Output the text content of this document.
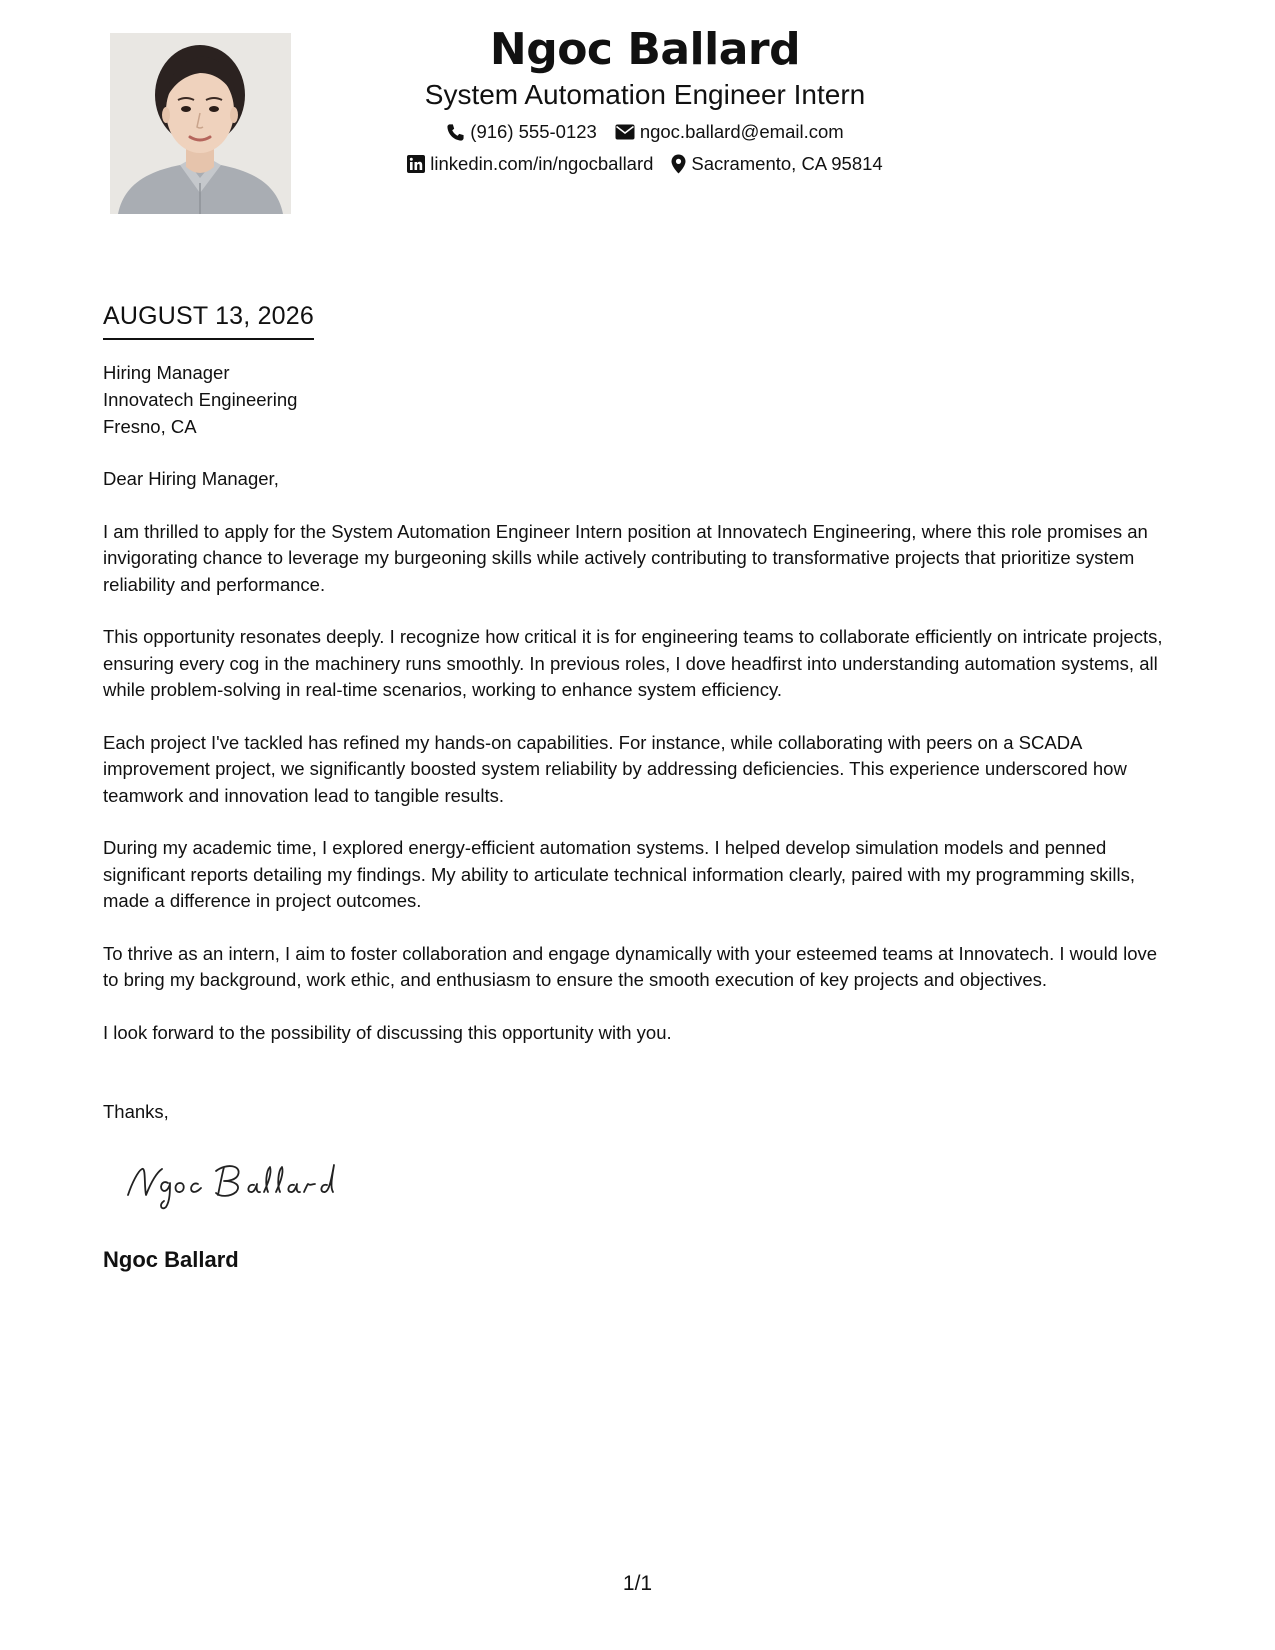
Ngoc Ballard
System Automation Engineer Intern
(916) 555-0123 ngoc.ballard@email.com
linkedin.com/in/ngocballard Sacramento, CA 95814
AUGUST 13, 2026
Hiring Manager
Innovatech Engineering
Fresno, CA

Dear Hiring Manager,

I am thrilled to apply for the System Automation Engineer Intern position at Innovatech Engineering, where this role promises an invigorating chance to leverage my burgeoning skills while actively contributing to transformative projects that prioritize system reliability and performance.

This opportunity resonates deeply. I recognize how critical it is for engineering teams to collaborate efficiently on intricate projects, ensuring every cog in the machinery runs smoothly. In previous roles, I dove headfirst into understanding automation systems, all while problem-solving in real-time scenarios, working to enhance system efficiency.

Each project I've tackled has refined my hands-on capabilities. For instance, while collaborating with peers on a SCADA improvement project, we significantly boosted system reliability by addressing deficiencies. This experience underscored how teamwork and innovation lead to tangible results.

During my academic time, I explored energy-efficient automation systems. I helped develop simulation models and penned significant reports detailing my findings. My ability to articulate technical information clearly, paired with my programming skills, made a difference in project outcomes.

To thrive as an intern, I aim to foster collaboration and engage dynamically with your esteemed teams at Innovatech. I would love to bring my background, work ethic, and enthusiasm to ensure the smooth execution of key projects and objectives.

I look forward to the possibility of discussing this opportunity with you.

Thanks,
Ngoc Ballard
1/1
